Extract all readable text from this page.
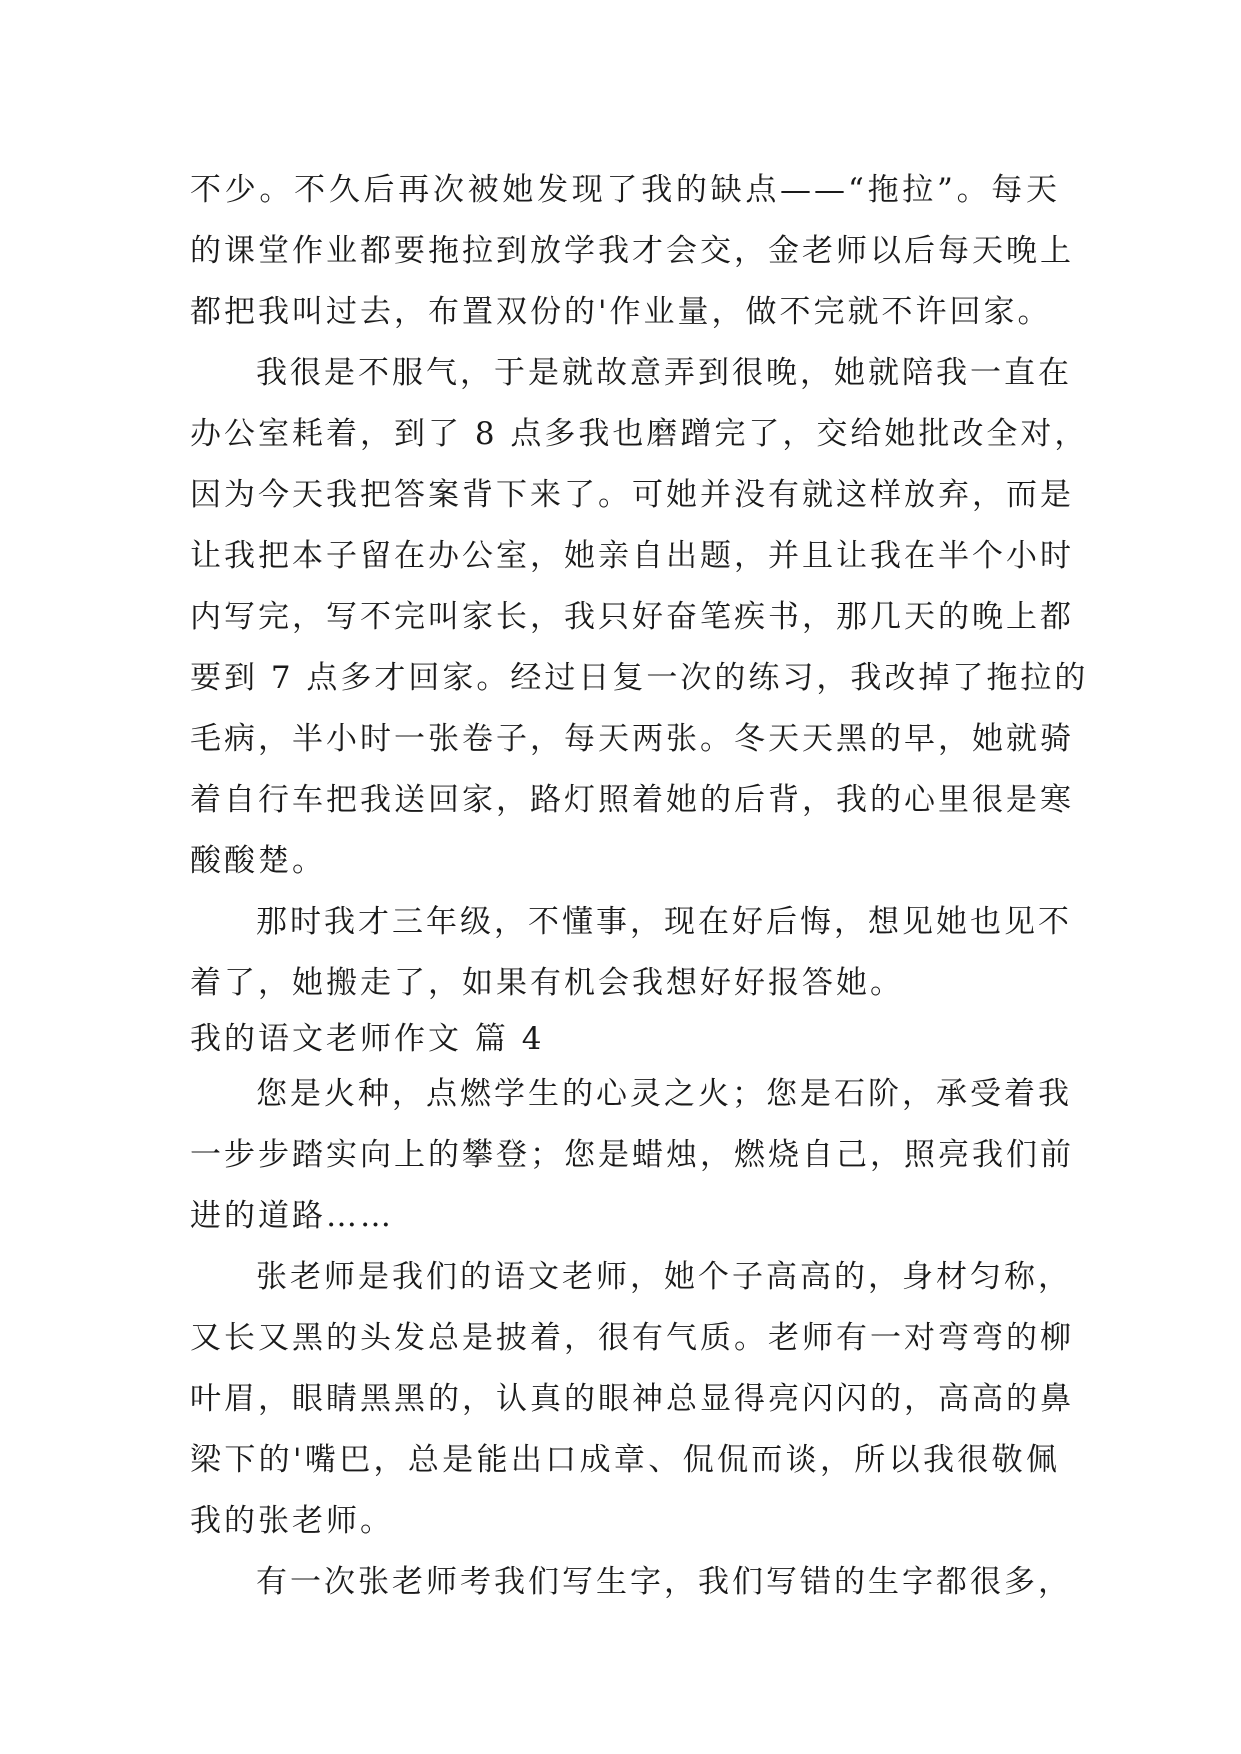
不少。不久后再次被她发现了我的缺点——“拖拉”。每天
的课堂作业都要拖拉到放学我才会交，金老师以后每天晚上
都把我叫过去，布置双份的'作业量，做不完就不许回家。
我很是不服气，于是就故意弄到很晚，她就陪我一直在
办公室耗着，到了 8 点多我也磨蹭完了，交给她批改全对，
因为今天我把答案背下来了。可她并没有就这样放弃，而是
让我把本子留在办公室，她亲自出题，并且让我在半个小时
内写完，写不完叫家长，我只好奋笔疾书，那几天的晚上都
要到 7 点多才回家。经过日复一次的练习，我改掉了拖拉的
毛病，半小时一张卷子，每天两张。冬天天黑的早，她就骑
着自行车把我送回家，路灯照着她的后背，我的心里很是寒
酸酸楚。
那时我才三年级，不懂事，现在好后悔，想见她也见不
着了，她搬走了，如果有机会我想好好报答她。
我的语文老师作文 篇 4
您是火种，点燃学生的心灵之火；您是石阶，承受着我
一步步踏实向上的攀登；您是蜡烛，燃烧自己，照亮我们前
进的道路……
张老师是我们的语文老师，她个子高高的，身材匀称，
又长又黑的头发总是披着，很有气质。老师有一对弯弯的柳
叶眉，眼睛黑黑的，认真的眼神总显得亮闪闪的，高高的鼻
梁下的'嘴巴，总是能出口成章、侃侃而谈，所以我很敬佩
我的张老师。
有一次张老师考我们写生字，我们写错的生字都很多，
